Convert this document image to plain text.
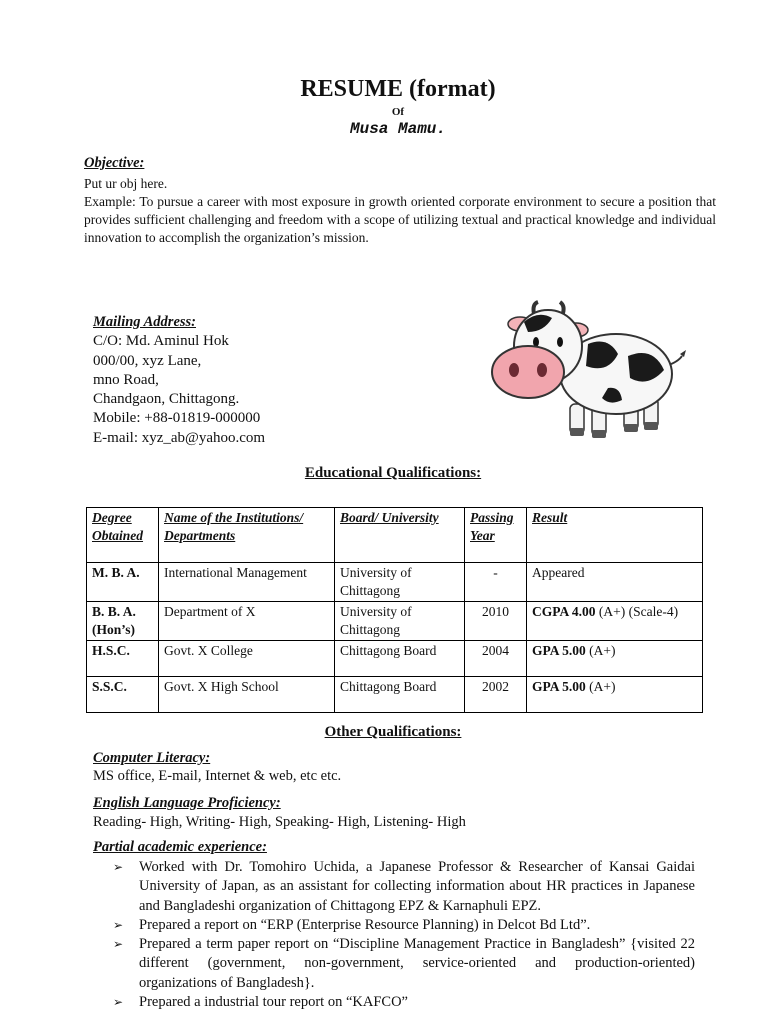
RESUME (format)
Of
Musa Mamu.
Objective:
Put ur obj here.
Example: To pursue a career with most exposure in growth oriented corporate environment to secure a position that provides sufficient challenging and freedom with a scope of utilizing textual and practical knowledge and individual innovation to accomplish the organization’s mission.
Mailing Address:
C/O: Md. Aminul Hok
000/00, xyz Lane,
mno Road,
Chandgaon, Chittagong.
Mobile: +88-01819-000000
E-mail: xyz_ab@yahoo.com
Educational Qualifications:
Degree Obtained	Name of the Institutions/ Departments	Board/ University	Passing Year	Result
M. B. A.	International Management	University of Chittagong	-	Appeared
B. B. A. (Hon’s)	Department of X	University of Chittagong	2010	CGPA 4.00 (A+) (Scale-4)
H.S.C.	Govt. X College	Chittagong Board	2004	GPA 5.00 (A+)
S.S.C.	Govt. X High School	Chittagong Board	2002	GPA 5.00 (A+)
Other Qualifications:
Computer Literacy:
MS office, E-mail, Internet & web, etc etc.
English Language Proficiency:
Reading- High, Writing- High, Speaking- High, Listening- High
Partial academic experience:
➢ Worked with Dr. Tomohiro Uchida, a Japanese Professor & Researcher of Kansai Gaidai University of Japan, as an assistant for collecting information about HR practices in Japanese and Bangladeshi organization of Chittagong EPZ & Karnaphuli EPZ.
➢ Prepared a report on “ERP (Enterprise Resource Planning) in Delcot Bd Ltd”.
➢ Prepared a term paper report on “Discipline Management Practice in Bangladesh” {visited 22 different (government, non-government, service-oriented and production-oriented) organizations of Bangladesh}.
➢ Prepared a industrial tour report on “KAFCO”
